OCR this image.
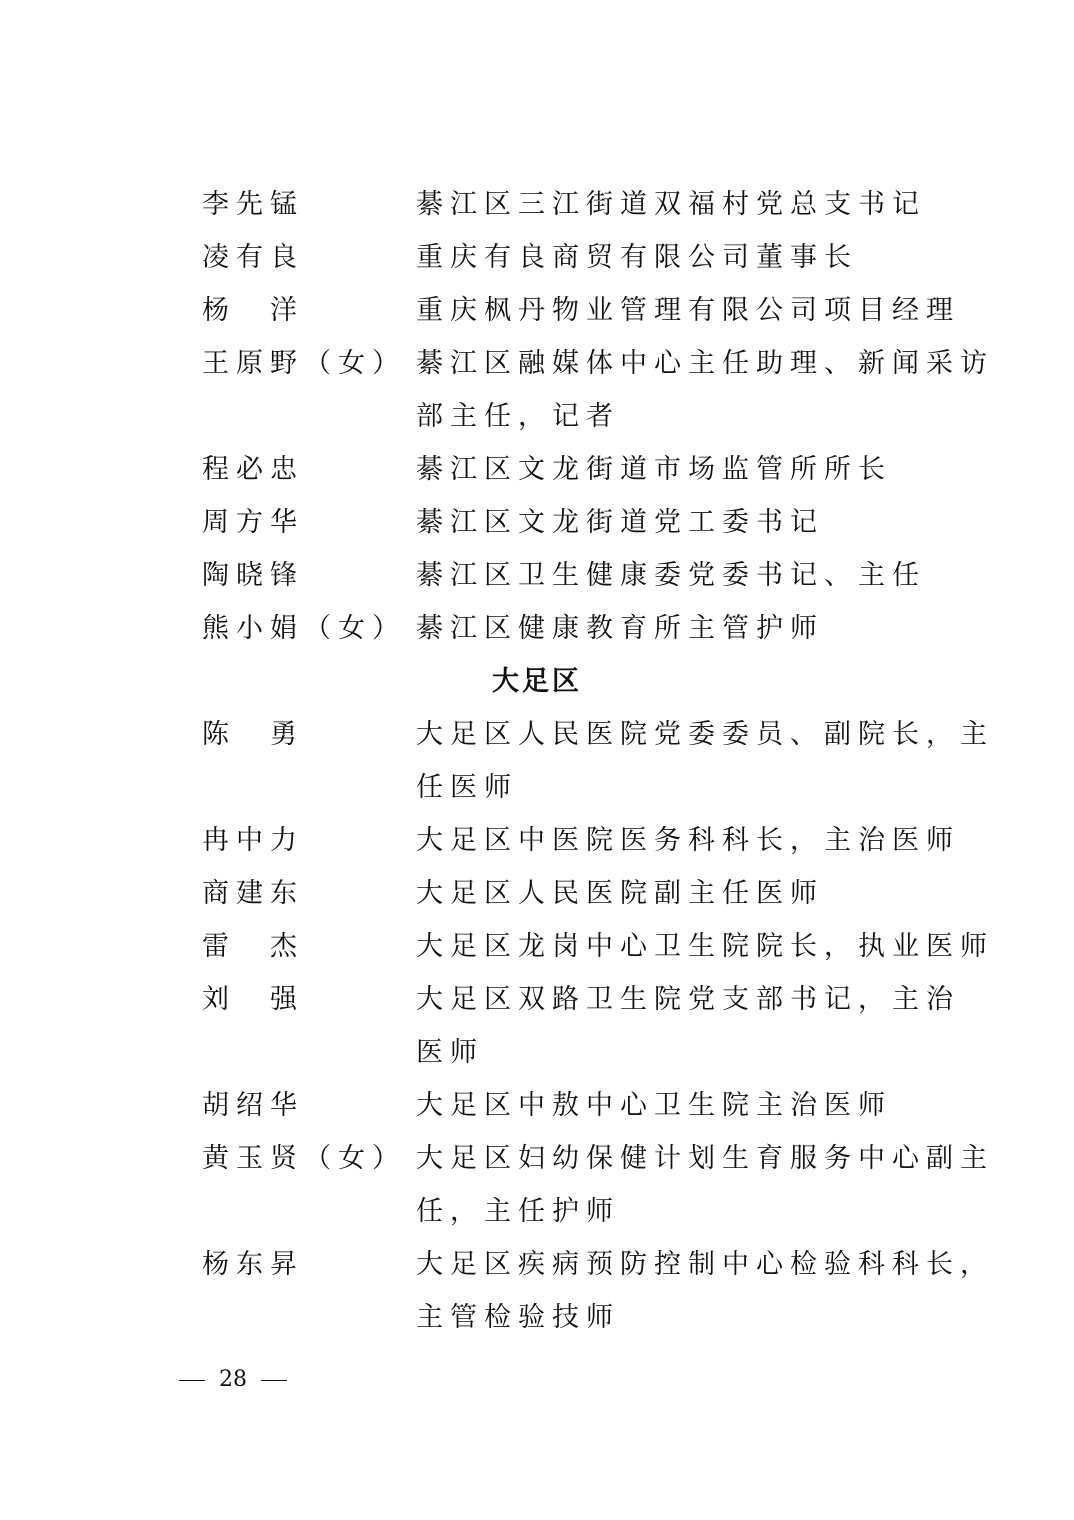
李先锰	綦江区三江街道双福村党总支书记
凌有良	重庆有良商贸有限公司董事长
杨　洋	重庆枫丹物业管理有限公司项目经理
王原野（女） 綦江区融媒体中心主任助理、新闻采访
部主任，记者
程必忠	綦江区文龙街道市场监管所所长
周方华	綦江区文龙街道党工委书记
陶晓锋	綦江区卫生健康委党委书记、主任
熊小娟（女） 綦江区健康教育所主管护师
大足区
陈　勇	大足区人民医院党委委员、副院长，主
任医师
冉中力	大足区中医院医务科科长，主治医师
商建东	大足区人民医院副主任医师
雷　杰	大足区龙岗中心卫生院院长，执业医师
刘　强	大足区双路卫生院党支部书记，主治
医师
胡绍华	大足区中敖中心卫生院主治医师
黄玉贤（女） 大足区妇幼保健计划生育服务中心副主
任，主任护师
杨东昇	大足区疾病预防控制中心检验科科长，
主管检验技师
28
